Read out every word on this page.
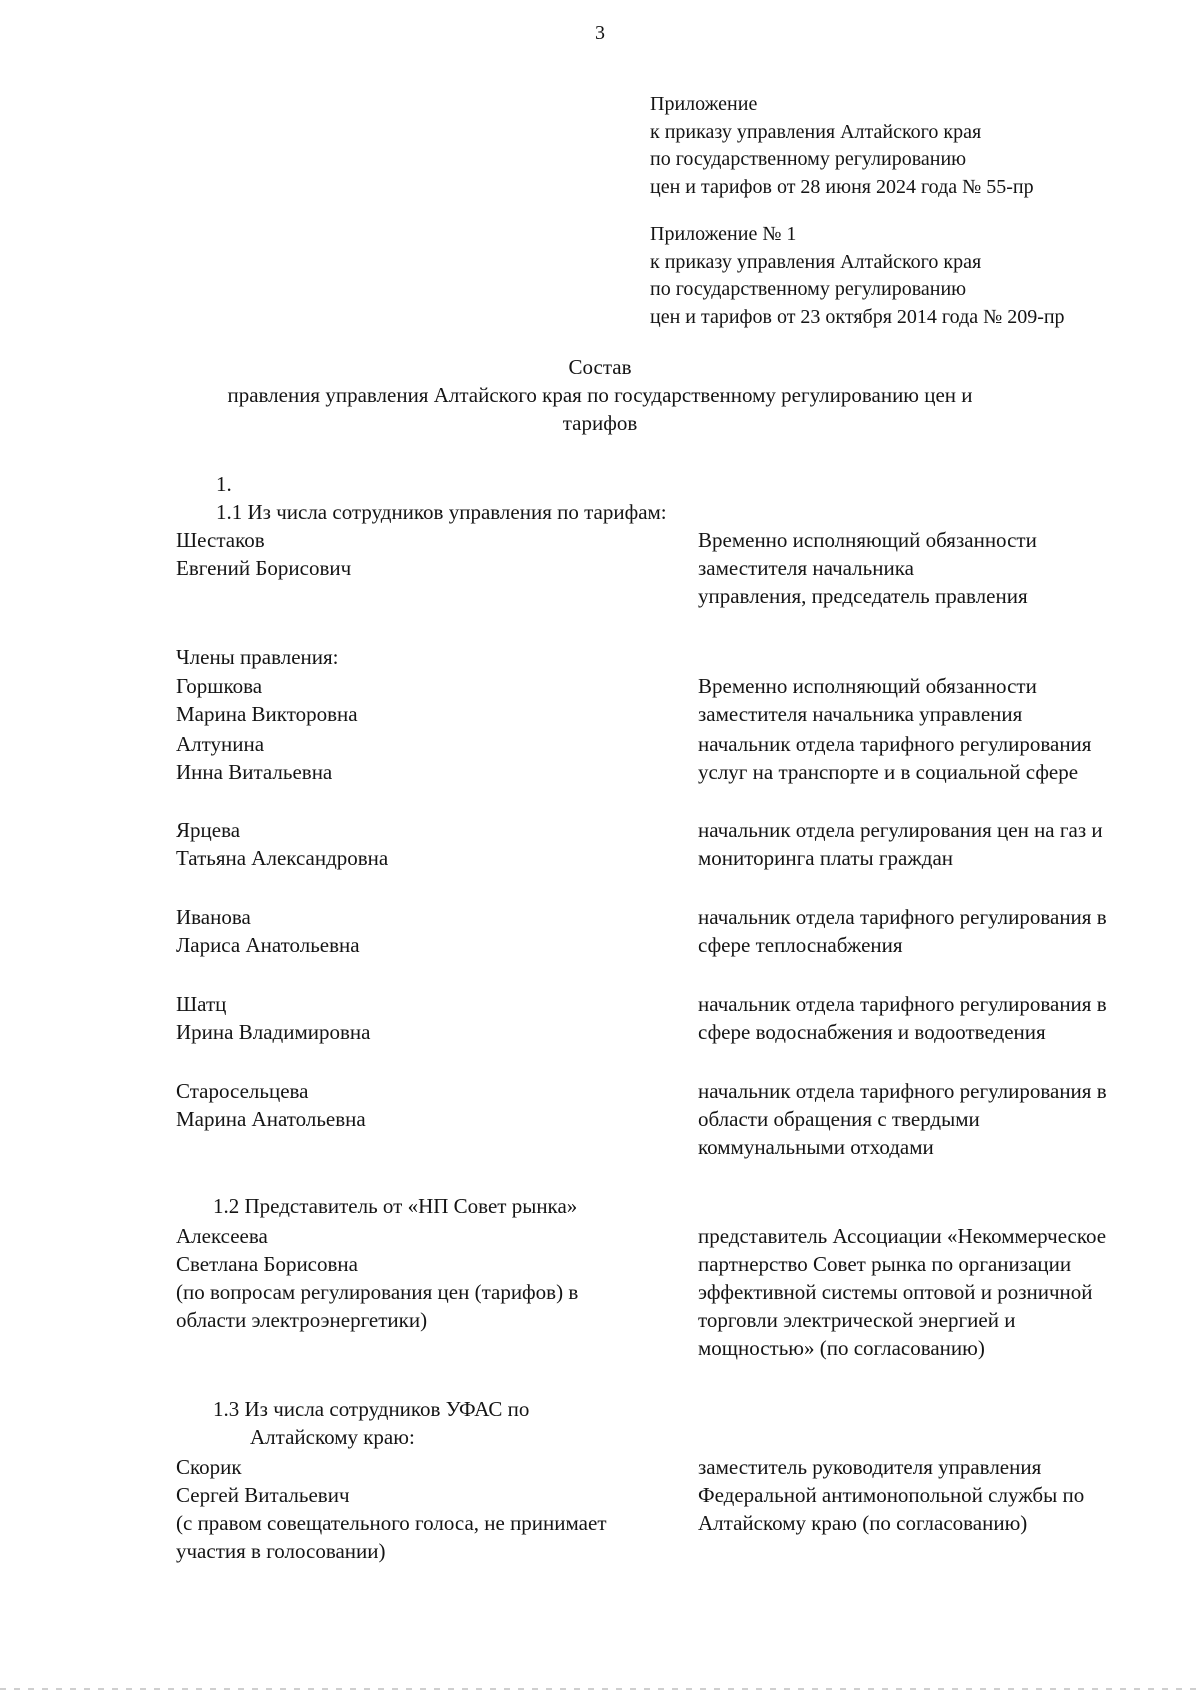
3
Приложение
к приказу управления Алтайского края
по государственному регулированию
цен и тарифов от 28 июня 2024 года № 55-пр
Приложение № 1
к приказу управления Алтайского края
по государственному регулированию
цен и тарифов от 23 октября 2014 года № 209-пр
Состав
правления управления Алтайского края по государственному регулированию цен и
тарифов
1.
1.1 Из числа сотрудников управления по тарифам:
Шестаков
Евгений Борисович
Временно исполняющий обязанности
заместителя начальника
управления, председатель правления
Члены правления:
Горшкова
Марина Викторовна
Временно исполняющий обязанности
заместителя начальника управления
Алтунина
Инна Витальевна
начальник отдела тарифного регулирования
услуг на транспорте и в социальной сфере
Ярцева
Татьяна Александровна
начальник отдела регулирования цен на газ и
мониторинга платы граждан
Иванова
Лариса Анатольевна
начальник отдела тарифного регулирования в
сфере теплоснабжения
Шатц
Ирина Владимировна
начальник отдела тарифного регулирования в
сфере водоснабжения и водоотведения
Старосельцева
Марина Анатольевна
начальник отдела тарифного регулирования в
области обращения с твердыми
коммунальными отходами
1.2 Представитель от «НП Совет рынка»
Алексеева
Светлана Борисовна
(по вопросам регулирования цен (тарифов) в
области электроэнергетики)
представитель Ассоциации «Некоммерческое
партнерство Совет рынка по организации
эффективной системы оптовой и розничной
торговли электрической энергией и
мощностью» (по согласованию)
1.3 Из числа сотрудников УФАС по
Алтайскому краю:
Скорик
Сергей Витальевич
(с правом совещательного голоса, не принимает
участия в голосовании)
заместитель руководителя управления
Федеральной антимонопольной службы по
Алтайскому краю (по согласованию)
